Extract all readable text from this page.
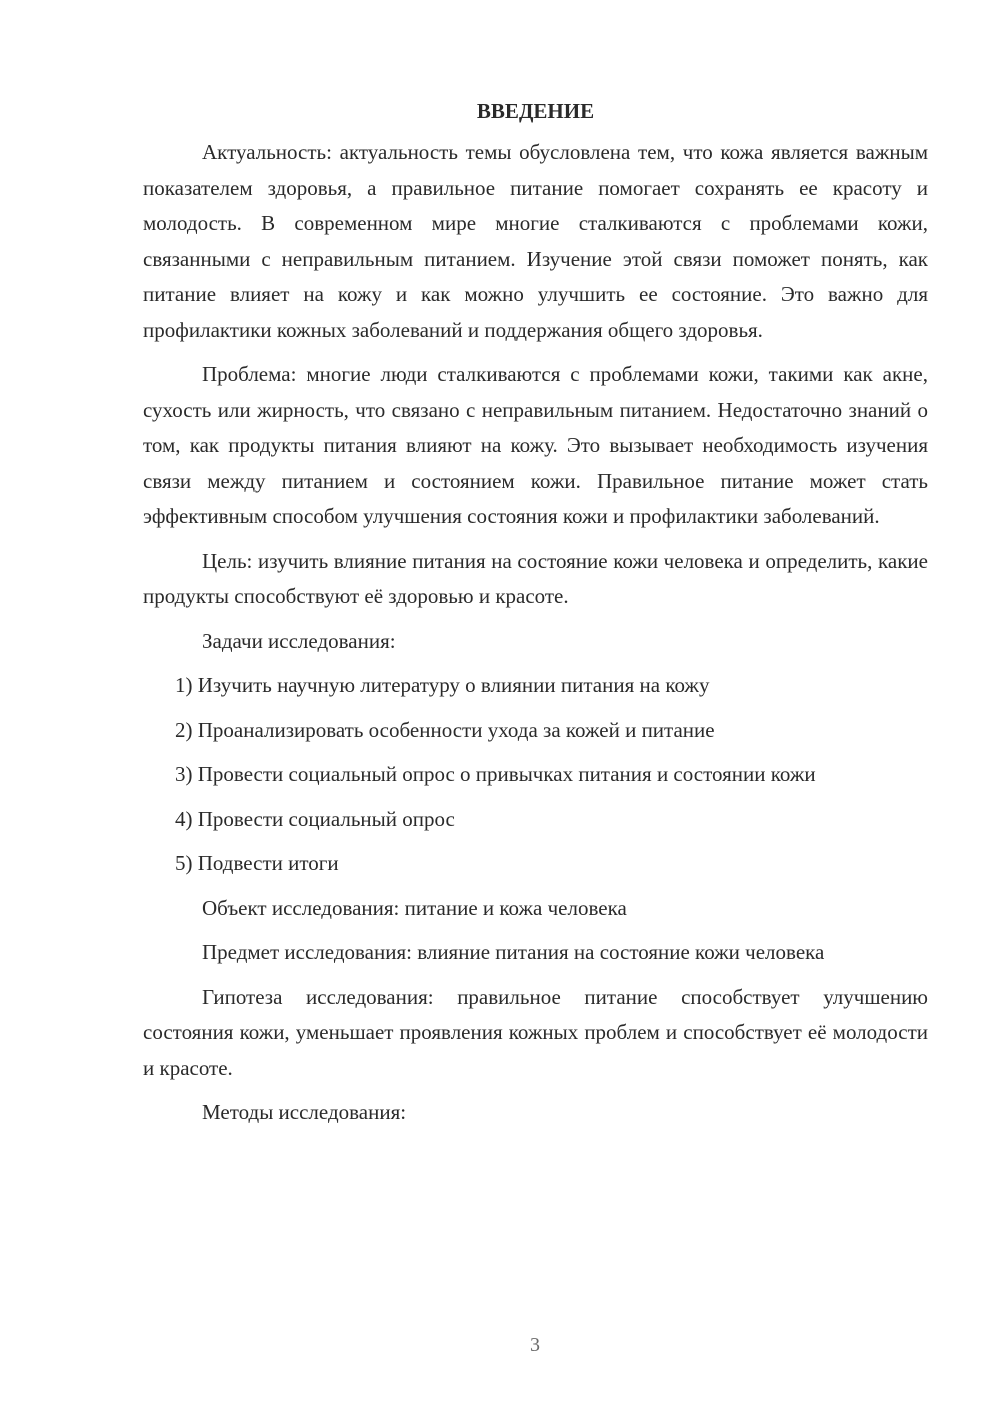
ВВЕДЕНИЕ

Актуальность: актуальность темы обусловлена тем, что кожа является важным показателем здоровья, а правильное питание помогает сохранять ее красоту и молодость. В современном мире многие сталкиваются с проблемами кожи, связанными с неправильным питанием. Изучение этой связи поможет понять, как питание влияет на кожу и как можно улучшить ее состояние. Это важно для профилактики кожных заболеваний и поддержания общего здоровья.

Проблема: многие люди сталкиваются с проблемами кожи, такими как акне, сухость или жирность, что связано с неправильным питанием. Недостаточно знаний о том, как продукты питания влияют на кожу. Это вызывает необходимость изучения связи между питанием и состоянием кожи. Правильное питание может стать эффективным способом улучшения состояния кожи и профилактики заболеваний.

Цель: изучить влияние питания на состояние кожи человека и определить, какие продукты способствуют её здоровью и красоте.

Задачи исследования:

1) Изучить научную литературу о влиянии питания на кожу

2) Проанализировать особенности ухода за кожей и питание

3) Провести социальный опрос о привычках питания и состоянии кожи

4) Провести социальный опрос

5) Подвести итоги

Объект исследования: питание и кожа человека

Предмет исследования: влияние питания на состояние кожи человека

Гипотеза исследования: правильное питание способствует улучшению состояния кожи, уменьшает проявления кожных проблем и способствует её молодости и красоте.

Методы исследования:

3
